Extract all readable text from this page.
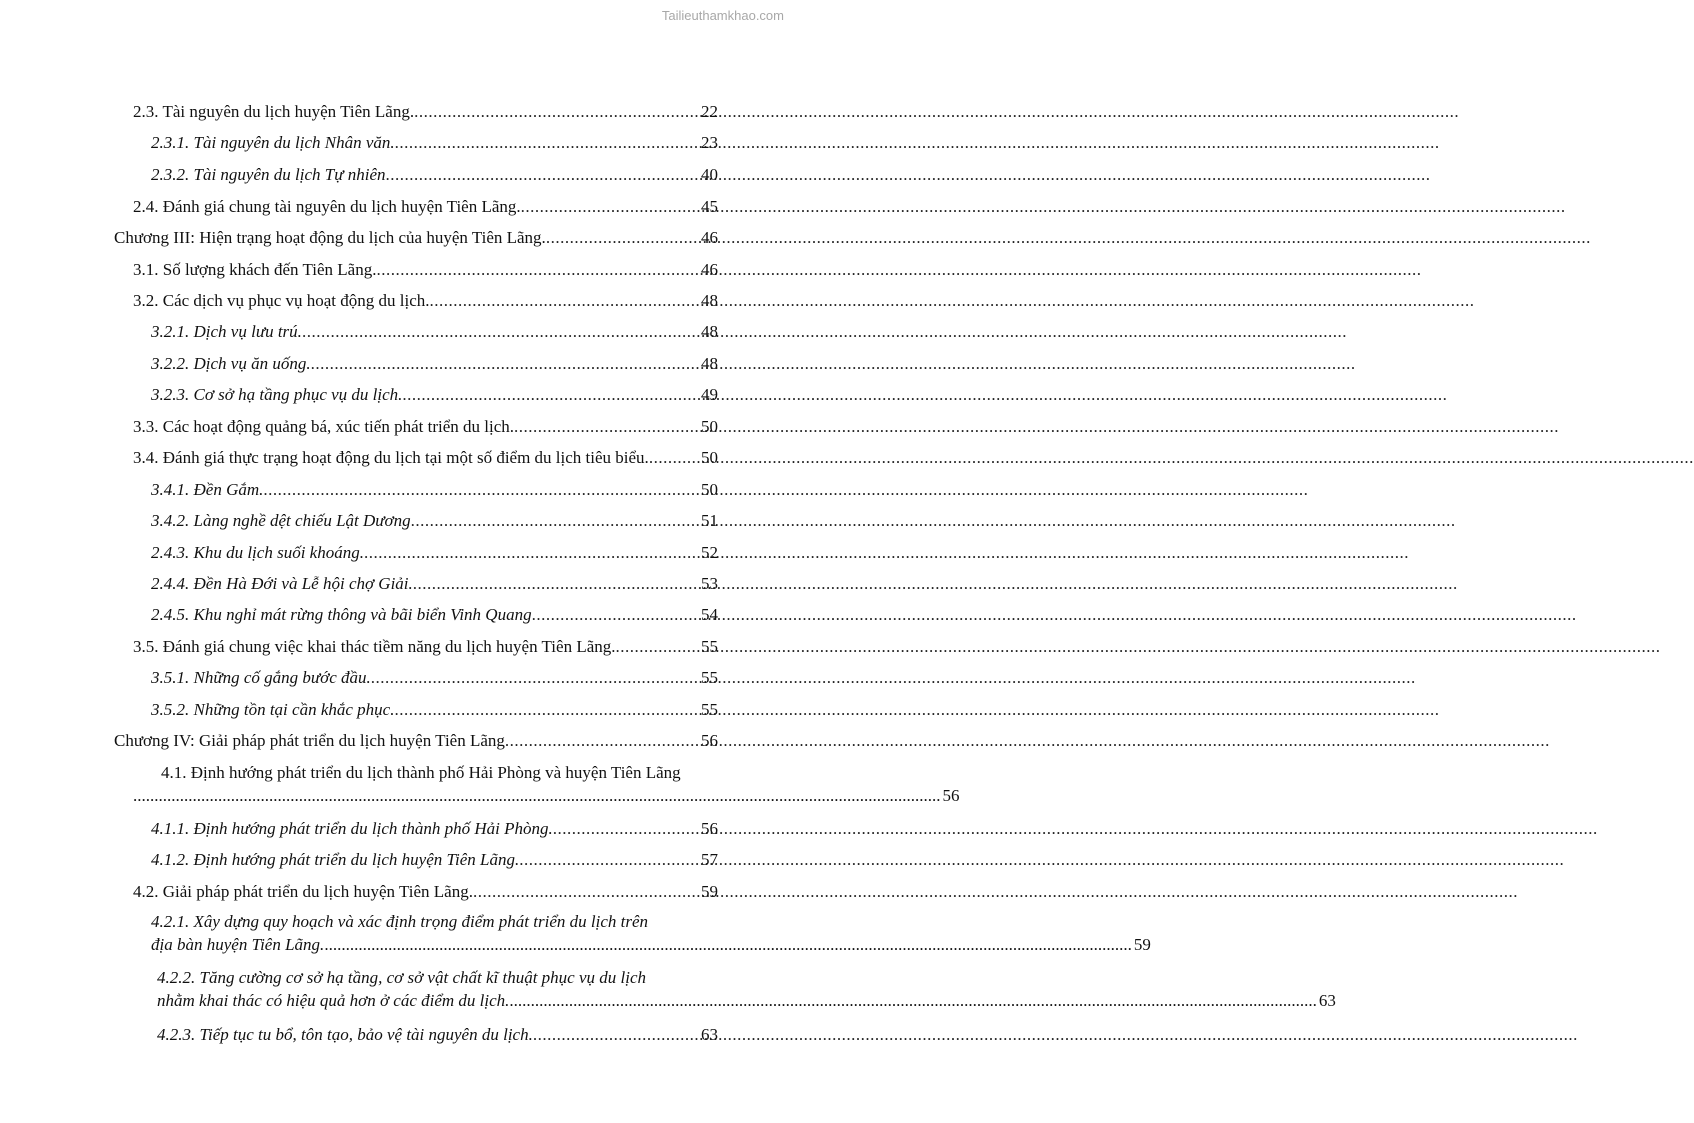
Tailieuthamkhao.com
2.3. Tài nguyên du lịch huyện Tiên Lãng. .....	22
2.3.1. Tài nguyên du lịch Nhân văn. .....	23
2.3.2. Tài nguyên du lịch Tự nhiên .....	40
2.4. Đánh giá chung tài nguyên du lịch huyện Tiên Lãng. .....	45
Chương III: Hiện trạng hoạt động du lịch của huyện Tiên Lãng. .....	46
3.1. Số lượng khách đến Tiên Lãng. .....	46
3.2. Các dịch vụ phục vụ hoạt động du lịch. .....	48
3.2.1. Dịch vụ lưu trú. .....	48
3.2.2. Dịch vụ ăn uống. .....	48
3.2.3. Cơ sở hạ tầng phục vụ du lịch. .....	49
3.3. Các hoạt động quảng bá, xúc tiến phát triển du lịch. .....	50
3.4. Đánh giá thực trạng hoạt động du lịch tại một số điểm du lịch tiêu biểu. .....	50
3.4.1. Đền Gắm. .....	50
3.4.2. Làng nghề dệt chiếu Lật Dương .....	51
2.4.3. Khu du lịch suối khoáng. .....	52
2.4.4. Đền Hà Đới và Lễ hội chợ Giải. .....	53
2.4.5. Khu nghỉ mát rừng thông và bãi biển Vinh Quang .....	54
3.5. Đánh giá chung việc khai thác tiềm năng du lịch huyện Tiên Lãng. .....	55
3.5.1. Những cố gắng bước đầu. .....	55
3.5.2. Những tồn tại cần khắc phục. .....	55
Chương IV: Giải pháp phát triển du lịch huyện Tiên Lãng .....	56
4.1. Định hướng phát triển du lịch thành phố Hải Phòng và huyện Tiên Lãng
.............................................................................................................................................................................................. 56
4.1.1. Định hướng phát triển du lịch thành phố Hải Phòng. .....	56
4.1.2. Định hướng phát triển du lịch huyện Tiên Lãng. .....	57
4.2. Giải pháp phát triển du lịch huyện Tiên Lãng. .....	59
4.2.1. Xây dựng quy hoạch và xác định trọng điểm phát triển du lịch trên
địa bàn huyện Tiên Lãng. .............................................................................................................................................................................................. 59
4.2.2. Tăng cường cơ sở hạ tầng, cơ sở vật chất kĩ thuật phục vụ du lịch
nhằm khai thác có hiệu quả hơn ở các điểm du lịch. .............................................................................................................................................................................................. 63
4.2.3. Tiếp tục tu bổ, tôn tạo, bảo vệ tài nguyên du lịch. .....	63
